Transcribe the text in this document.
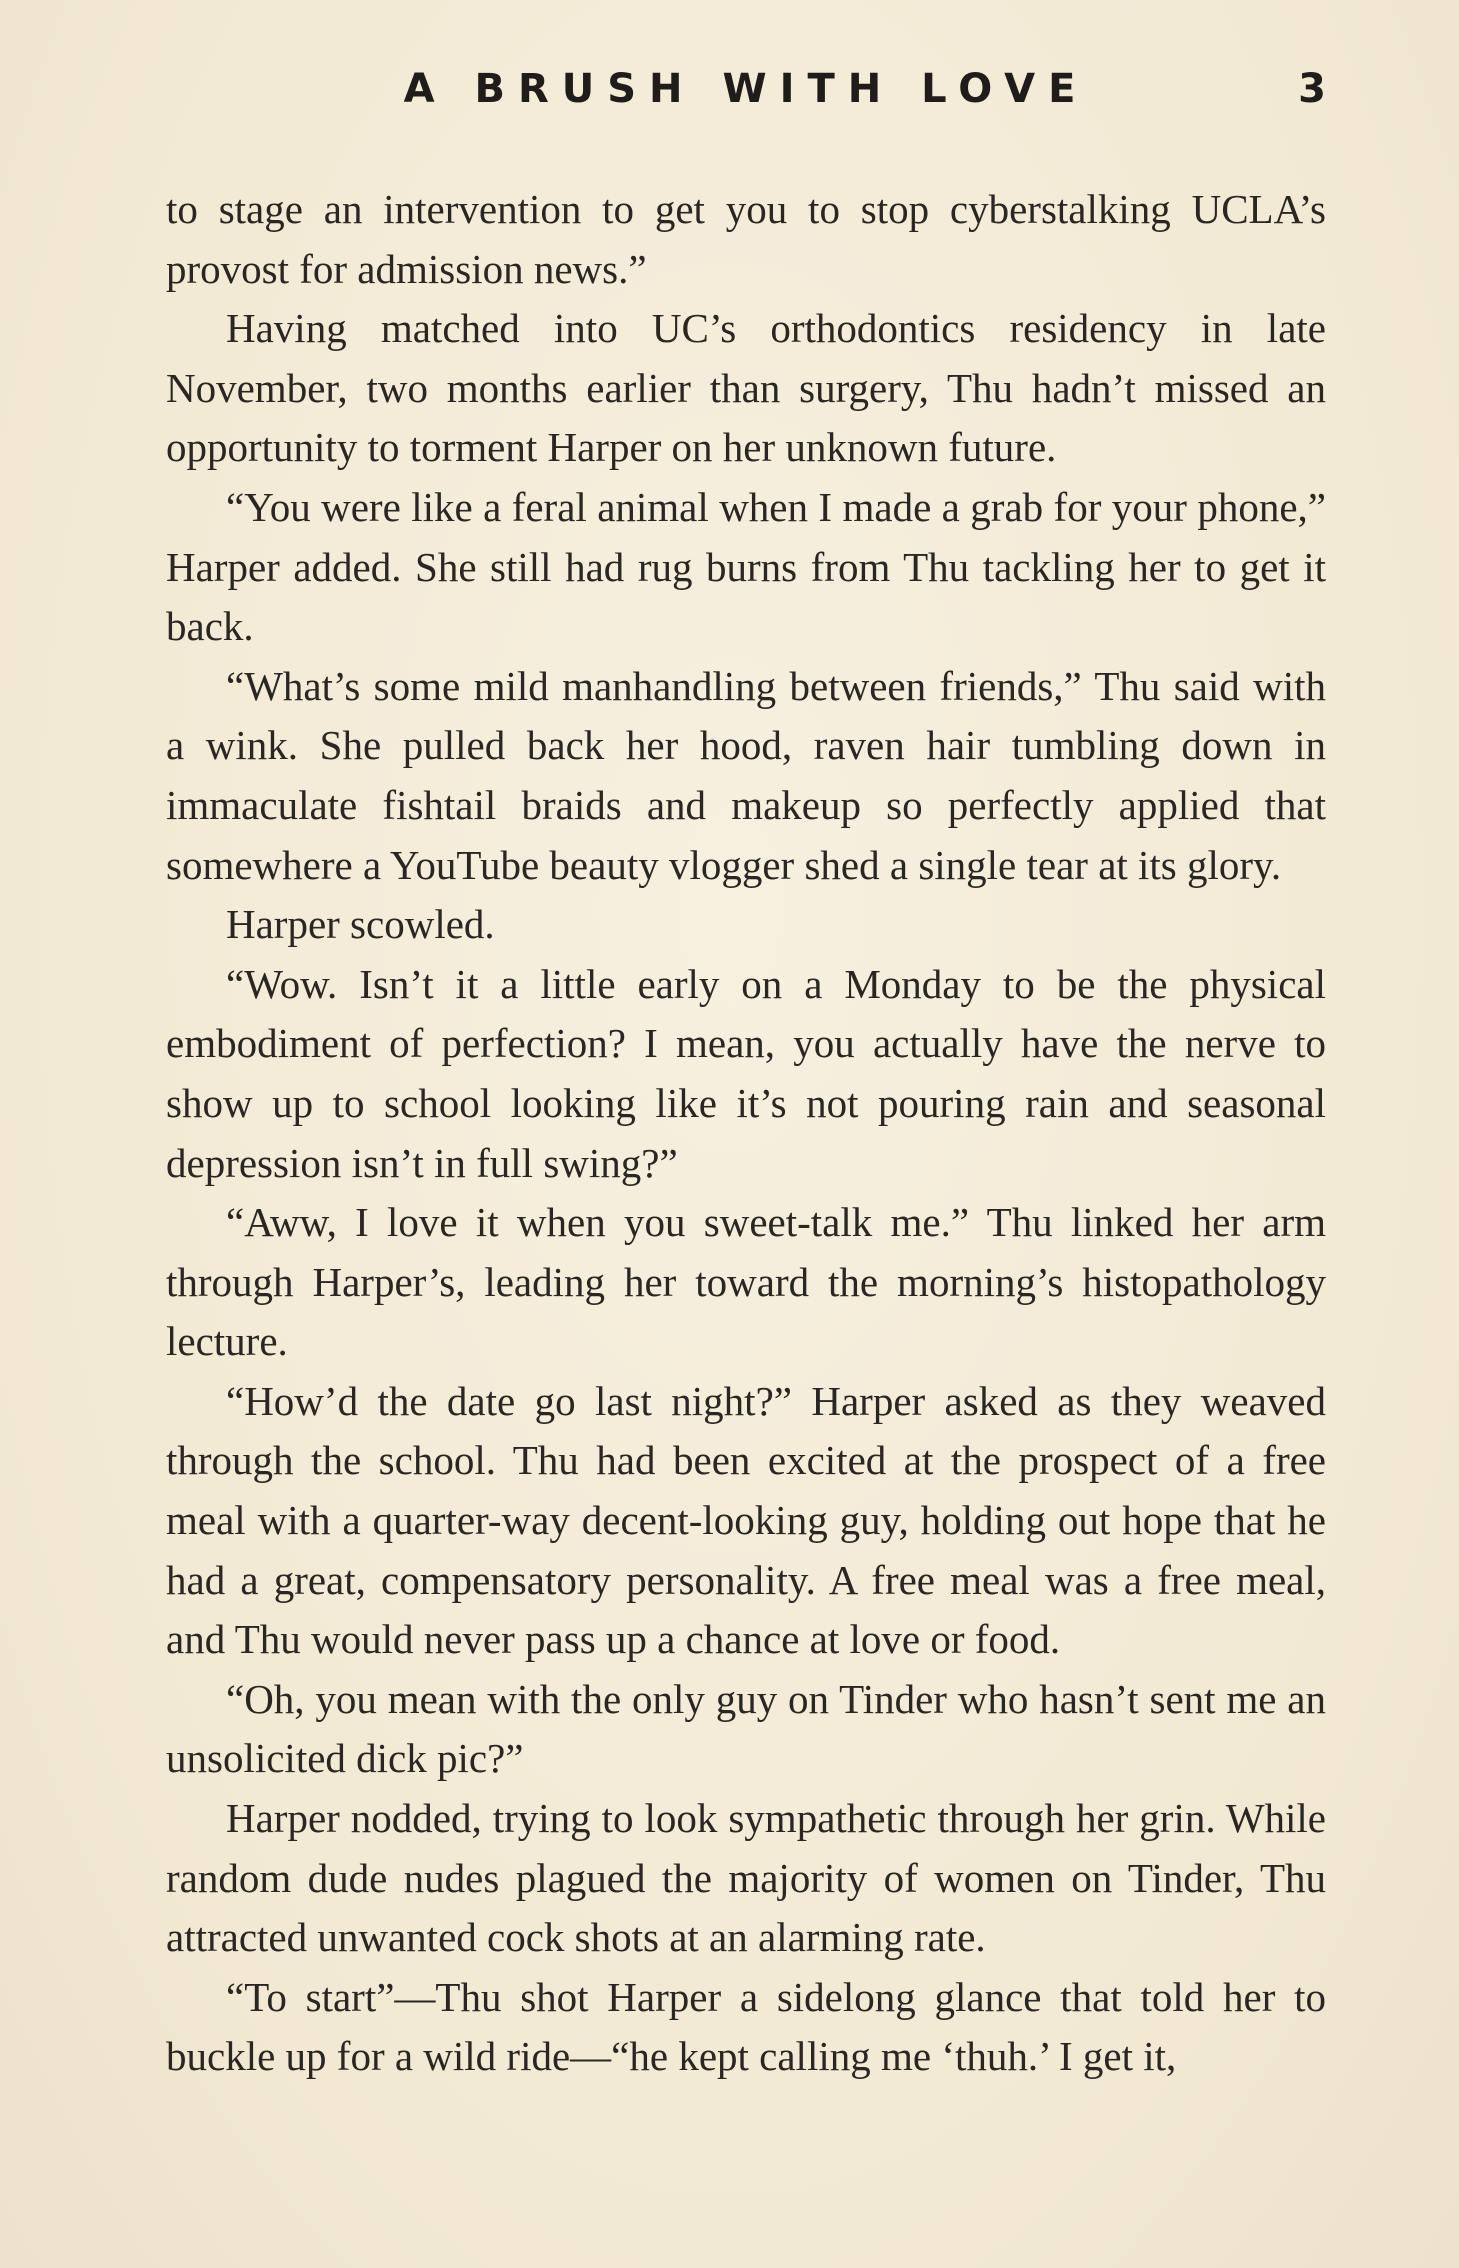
A BRUSH WITH LOVE	3

to stage an intervention to get you to stop cyberstalking UCLA’s provost for admission news.”

Having matched into UC’s orthodontics residency in late November, two months earlier than surgery, Thu hadn’t missed an opportunity to torment Harper on her unknown future.

“You were like a feral animal when I made a grab for your phone,” Harper added. She still had rug burns from Thu tackling her to get it back.

“What’s some mild manhandling between friends,” Thu said with a wink. She pulled back her hood, raven hair tumbling down in immaculate fishtail braids and makeup so perfectly applied that somewhere a YouTube beauty vlogger shed a single tear at its glory.

Harper scowled.

“Wow. Isn’t it a little early on a Monday to be the physical embodiment of perfection? I mean, you actually have the nerve to show up to school looking like it’s not pouring rain and seasonal depression isn’t in full swing?”

“Aww, I love it when you sweet-talk me.” Thu linked her arm through Harper’s, leading her toward the morning’s histopathology lecture.

“How’d the date go last night?” Harper asked as they weaved through the school. Thu had been excited at the prospect of a free meal with a quarter-way decent-looking guy, holding out hope that he had a great, compensatory personality. A free meal was a free meal, and Thu would never pass up a chance at love or food.

“Oh, you mean with the only guy on Tinder who hasn’t sent me an unsolicited dick pic?”

Harper nodded, trying to look sympathetic through her grin. While random dude nudes plagued the majority of women on Tinder, Thu attracted unwanted cock shots at an alarming rate.

“To start”—Thu shot Harper a sidelong glance that told her to buckle up for a wild ride—“he kept calling me ‘thuh.’ I get it,
